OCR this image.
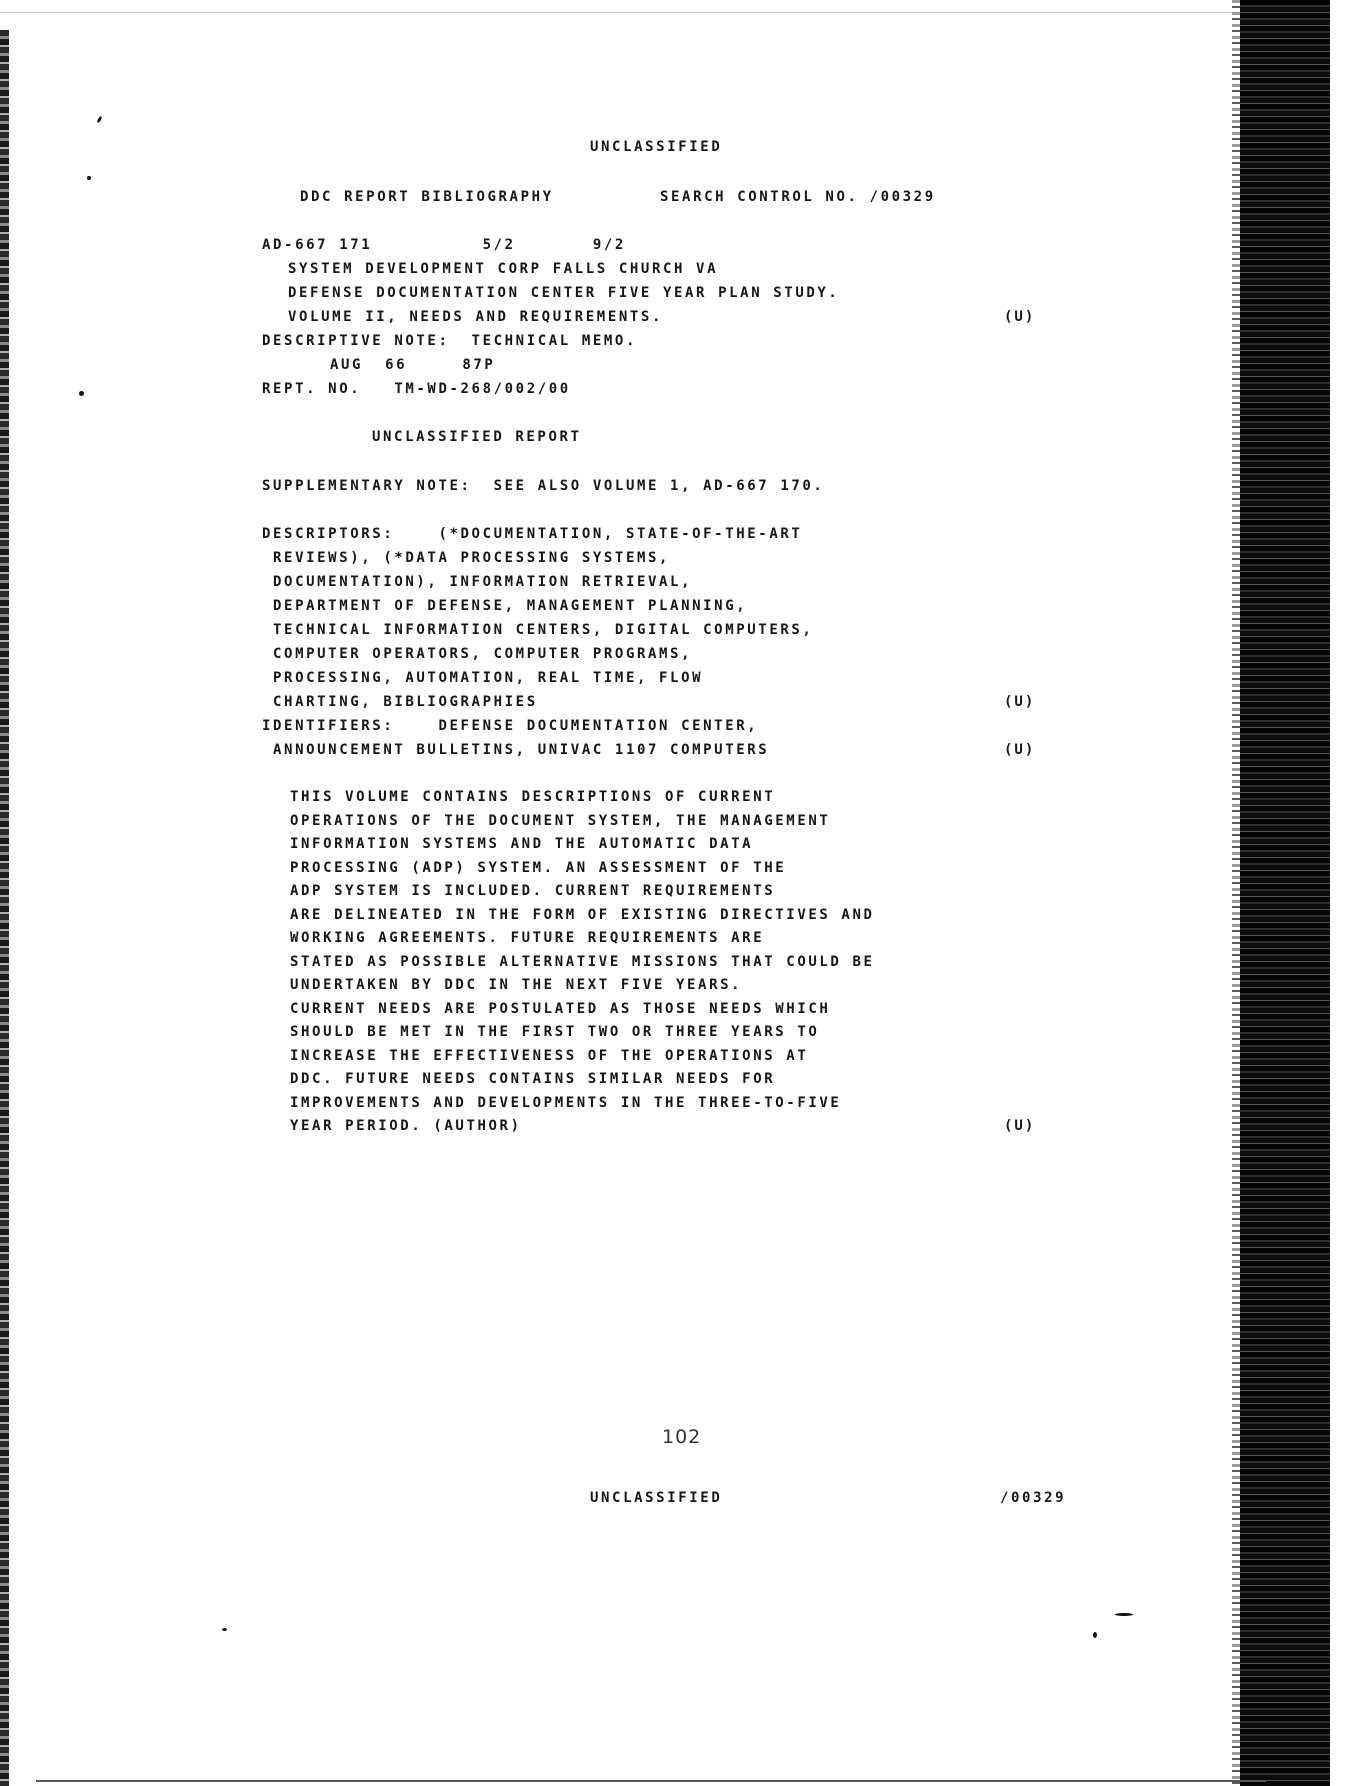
UNCLASSIFIED
DDC REPORT BIBLIOGRAPHY	SEARCH CONTROL NO. /00329
AD-667 171          5/2       9/2
SYSTEM DEVELOPMENT CORP FALLS CHURCH VA
DEFENSE DOCUMENTATION CENTER FIVE YEAR PLAN STUDY.
VOLUME II, NEEDS AND REQUIREMENTS.	(U)
DESCRIPTIVE NOTE:  TECHNICAL MEMO.
AUG  66     87P
REPT. NO.   TM-WD-268/002/00
UNCLASSIFIED REPORT
SUPPLEMENTARY NOTE:  SEE ALSO VOLUME 1, AD-667 170.
DESCRIPTORS:    (*DOCUMENTATION, STATE-OF-THE-ART
REVIEWS), (*DATA PROCESSING SYSTEMS,
DOCUMENTATION), INFORMATION RETRIEVAL,
DEPARTMENT OF DEFENSE, MANAGEMENT PLANNING,
TECHNICAL INFORMATION CENTERS, DIGITAL COMPUTERS,
COMPUTER OPERATORS, COMPUTER PROGRAMS,
PROCESSING, AUTOMATION, REAL TIME, FLOW
CHARTING, BIBLIOGRAPHIES	(U)
IDENTIFIERS:    DEFENSE DOCUMENTATION CENTER,
ANNOUNCEMENT BULLETINS, UNIVAC 1107 COMPUTERS	(U)
THIS VOLUME CONTAINS DESCRIPTIONS OF CURRENT
OPERATIONS OF THE DOCUMENT SYSTEM, THE MANAGEMENT
INFORMATION SYSTEMS AND THE AUTOMATIC DATA
PROCESSING (ADP) SYSTEM. AN ASSESSMENT OF THE
ADP SYSTEM IS INCLUDED. CURRENT REQUIREMENTS
ARE DELINEATED IN THE FORM OF EXISTING DIRECTIVES AND
WORKING AGREEMENTS. FUTURE REQUIREMENTS ARE
STATED AS POSSIBLE ALTERNATIVE MISSIONS THAT COULD BE
UNDERTAKEN BY DDC IN THE NEXT FIVE YEARS.
CURRENT NEEDS ARE POSTULATED AS THOSE NEEDS WHICH
SHOULD BE MET IN THE FIRST TWO OR THREE YEARS TO
INCREASE THE EFFECTIVENESS OF THE OPERATIONS AT
DDC. FUTURE NEEDS CONTAINS SIMILAR NEEDS FOR
IMPROVEMENTS AND DEVELOPMENTS IN THE THREE-TO-FIVE
YEAR PERIOD. (AUTHOR)	(U)
102
UNCLASSIFIED	/00329
